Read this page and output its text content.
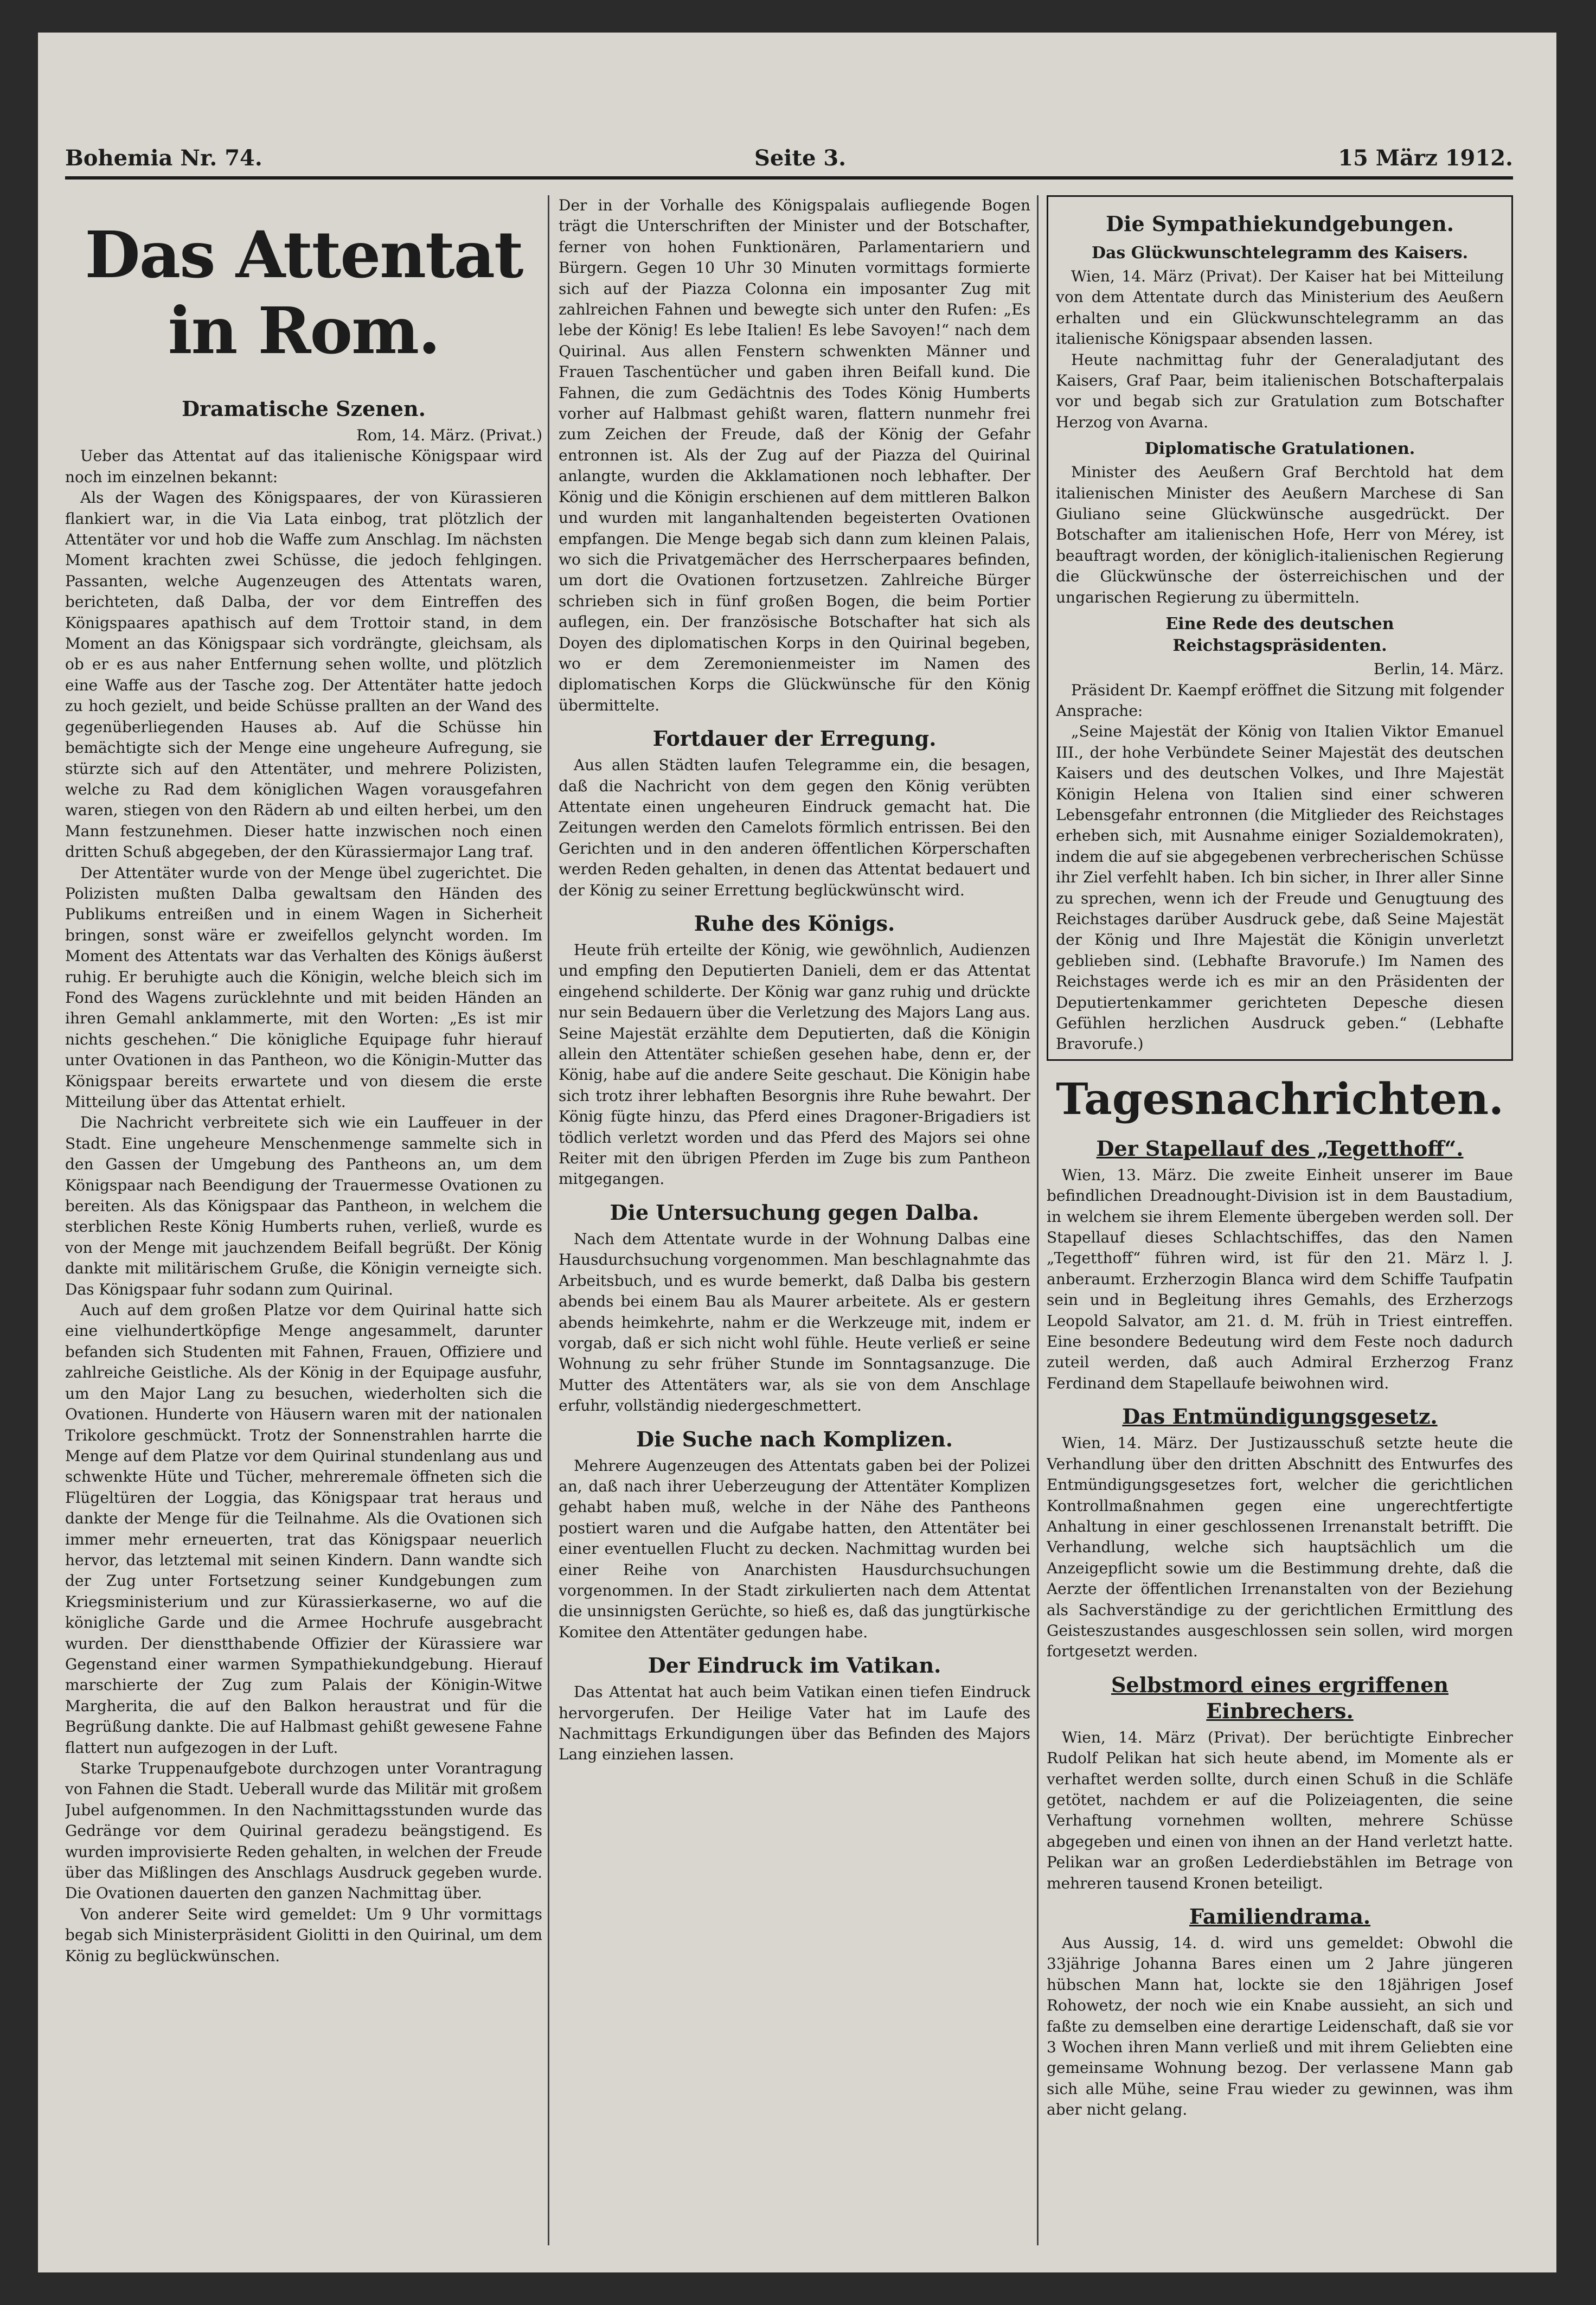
Bohemia Nr. 74.	Seite 3.	15 März 1912.
Das Attentat in Rom.
Dramatische Szenen.
Rom, 14. März. (Privat.)

Ueber das Attentat auf das italienische Königspaar wird noch im einzelnen bekannt:

Als der Wagen des Königspaares, der von Kürassieren flankiert war, in die Via Lata einbog, trat plötzlich der Attentäter vor und hob die Waffe zum Anschlag. Im nächsten Moment krachten zwei Schüsse, die jedoch fehlgingen. Passanten, welche Augenzeugen des Attentats waren, berichteten, daß Dalba, der vor dem Eintreffen des Königspaares apathisch auf dem Trottoir stand, in dem Moment an das Königspaar sich vordrängte, gleichsam, als ob er es aus naher Entfernung sehen wollte, und plötzlich eine Waffe aus der Tasche zog. Der Attentäter hatte jedoch zu hoch gezielt, und beide Schüsse prallten an der Wand des gegenüberliegenden Hauses ab. Auf die Schüsse hin bemächtigte sich der Menge eine ungeheure Aufregung, sie stürzte sich auf den Attentäter, und mehrere Polizisten, welche zu Rad dem königlichen Wagen vorausgefahren waren, stiegen von den Rädern ab und eilten herbei, um den Mann festzunehmen. Dieser hatte inzwischen noch einen dritten Schuß abgegeben, der den Kürassiermajor Lang traf.

Der Attentäter wurde von der Menge übel zugerichtet. Die Polizisten mußten Dalba gewaltsam den Händen des Publikums entreißen und in einem Wagen in Sicherheit bringen, sonst wäre er zweifellos gelyncht worden. Im Moment des Attentats war das Verhalten des Königs äußerst ruhig. Er beruhigte auch die Königin, welche bleich sich im Fond des Wagens zurücklehnte und mit beiden Händen an ihren Gemahl anklammerte, mit den Worten: „Es ist mir nichts geschehen.“ Die königliche Equipage fuhr hierauf unter Ovationen in das Pantheon, wo die Königin-Mutter das Königspaar bereits erwartete und von diesem die erste Mitteilung über das Attentat erhielt.

Die Nachricht verbreitete sich wie ein Lauffeuer in der Stadt. Eine ungeheure Menschenmenge sammelte sich in den Gassen der Umgebung des Pantheons an, um dem Königspaar nach Beendigung der Trauermesse Ovationen zu bereiten. Als das Königspaar das Pantheon, in welchem die sterblichen Reste König Humberts ruhen, verließ, wurde es von der Menge mit jauchzendem Beifall begrüßt. Der König dankte mit militärischem Gruße, die Königin verneigte sich. Das Königspaar fuhr sodann zum Quirinal.

Auch auf dem großen Platze vor dem Quirinal hatte sich eine vielhundertköpfige Menge angesammelt, darunter befanden sich Studenten mit Fahnen, Frauen, Offiziere und zahlreiche Geistliche. Als der König in der Equipage ausfuhr, um den Major Lang zu besuchen, wiederholten sich die Ovationen. Hunderte von Häusern waren mit der nationalen Trikolore geschmückt. Trotz der Sonnenstrahlen harrte die Menge auf dem Platze vor dem Quirinal stundenlang aus und schwenkte Hüte und Tücher, mehreremale öffneten sich die Flügeltüren der Loggia, das Königspaar trat heraus und dankte der Menge für die Teilnahme. Als die Ovationen sich immer mehr erneuerten, trat das Königspaar neuerlich hervor, das letztemal mit seinen Kindern. Dann wandte sich der Zug unter Fortsetzung seiner Kundgebungen zum Kriegsministerium und zur Kürassierkaserne, wo auf die königliche Garde und die Armee Hochrufe ausgebracht wurden. Der dienstthabende Offizier der Kürassiere war Gegenstand einer warmen Sympathiekundgebung. Hierauf marschierte der Zug zum Palais der Königin-Witwe Margherita, die auf den Balkon heraustrat und für die Begrüßung dankte. Die auf Halbmast gehißt gewesene Fahne flattert nun aufgezogen in der Luft.

Starke Truppenaufgebote durchzogen unter Vorantragung von Fahnen die Stadt. Ueberall wurde das Militär mit großem Jubel aufgenommen. In den Nachmittagsstunden wurde das Gedränge vor dem Quirinal geradezu beängstigend. Es wurden improvisierte Reden gehalten, in welchen der Freude über das Mißlingen des Anschlags Ausdruck gegeben wurde. Die Ovationen dauerten den ganzen Nachmittag über.

Von anderer Seite wird gemeldet: Um 9 Uhr vormittags begab sich Ministerpräsident Giolitti in den Quirinal, um dem König zu beglückwünschen.

Der in der Vorhalle des Königspalais aufliegende Bogen trägt die Unterschriften der Minister und der Botschafter, ferner von hohen Funktionären, Parlamentariern und Bürgern. Gegen 10 Uhr 30 Minuten vormittags formierte sich auf der Piazza Colonna ein imposanter Zug mit zahlreichen Fahnen und bewegte sich unter den Rufen: „Es lebe der König! Es lebe Italien! Es lebe Savoyen!“ nach dem Quirinal. Aus allen Fenstern schwenkten Männer und Frauen Taschentücher und gaben ihren Beifall kund. Die Fahnen, die zum Gedächtnis des Todes König Humberts vorher auf Halbmast gehißt waren, flattern nunmehr frei zum Zeichen der Freude, daß der König der Gefahr entronnen ist. Als der Zug auf der Piazza del Quirinal anlangte, wurden die Akklamationen noch lebhafter. Der König und die Königin erschienen auf dem mittleren Balkon und wurden mit langanhaltenden begeisterten Ovationen empfangen. Die Menge begab sich dann zum kleinen Palais, wo sich die Privatgemächer des Herrscherpaares befinden, um dort die Ovationen fortzusetzen. Zahlreiche Bürger schrieben sich in fünf großen Bogen, die beim Portier auflegen, ein. Der französische Botschafter hat sich als Doyen des diplomatischen Korps in den Quirinal begeben, wo er dem Zeremonienmeister im Namen des diplomatischen Korps die Glückwünsche für den König übermittelte.

Fortdauer der Erregung.

Aus allen Städten laufen Telegramme ein, die besagen, daß die Nachricht von dem gegen den König verübten Attentate einen ungeheuren Eindruck gemacht hat. Die Zeitungen werden den Camelots förmlich entrissen. Bei den Gerichten und in den anderen öffentlichen Körperschaften werden Reden gehalten, in denen das Attentat bedauert und der König zu seiner Errettung beglückwünscht wird.

Ruhe des Königs.

Heute früh erteilte der König, wie gewöhnlich, Audienzen und empfing den Deputierten Danieli, dem er das Attentat eingehend schilderte. Der König war ganz ruhig und drückte nur sein Bedauern über die Verletzung des Majors Lang aus. Seine Majestät erzählte dem Deputierten, daß die Königin allein den Attentäter schießen gesehen habe, denn er, der König, habe auf die andere Seite geschaut. Die Königin habe sich trotz ihrer lebhaften Besorgnis ihre Ruhe bewahrt. Der König fügte hinzu, das Pferd eines Dragoner-Brigadiers ist tödlich verletzt worden und das Pferd des Majors sei ohne Reiter mit den übrigen Pferden im Zuge bis zum Pantheon mitgegangen.

Die Untersuchung gegen Dalba.

Nach dem Attentate wurde in der Wohnung Dalbas eine Hausdurchsuchung vorgenommen. Man beschlagnahmte das Arbeitsbuch, und es wurde bemerkt, daß Dalba bis gestern abends bei einem Bau als Maurer arbeitete. Als er gestern abends heimkehrte, nahm er die Werkzeuge mit, indem er vorgab, daß er sich nicht wohl fühle. Heute verließ er seine Wohnung zu sehr früher Stunde im Sonntagsanzuge. Die Mutter des Attentäters war, als sie von dem Anschlage erfuhr, vollständig niedergeschmettert.

Die Suche nach Komplizen.

Mehrere Augenzeugen des Attentats gaben bei der Polizei an, daß nach ihrer Ueberzeugung der Attentäter Komplizen gehabt haben muß, welche in der Nähe des Pantheons postiert waren und die Aufgabe hatten, den Attentäter bei einer eventuellen Flucht zu decken. Nachmittag wurden bei einer Reihe von Anarchisten Hausdurchsuchungen vorgenommen. In der Stadt zirkulierten nach dem Attentat die unsinnigsten Gerüchte, so hieß es, daß das jungtürkische Komitee den Attentäter gedungen habe.

Der Eindruck im Vatikan.

Das Attentat hat auch beim Vatikan einen tiefen Eindruck hervorgerufen. Der Heilige Vater hat im Laufe des Nachmittags Erkundigungen über das Befinden des Majors Lang einziehen lassen.

Die Sympathiekundgebungen.
Das Glückwunschtelegramm des Kaisers.

Wien, 14. März (Privat). Der Kaiser hat bei Mitteilung von dem Attentate durch das Ministerium des Aeußern erhalten und ein Glückwunschtelegramm an das italienische Königspaar absenden lassen.

Heute nachmittag fuhr der Generaladjutant des Kaisers, Graf Paar, beim italienischen Botschafterpalais vor und begab sich zur Gratulation zum Botschafter Herzog von Avarna.

Diplomatische Gratulationen.

Minister des Aeußern Graf Berchtold hat dem italienischen Minister des Aeußern Marchese di San Giuliano seine Glückwünsche ausgedrückt. Der Botschafter am italienischen Hofe, Herr von Mérey, ist beauftragt worden, der königlich-italienischen Regierung die Glückwünsche der österreichischen und der ungarischen Regierung zu übermitteln.

Eine Rede des deutschen Reichstagspräsidenten.
Berlin, 14. März.

Präsident Dr. Kaempf eröffnet die Sitzung mit folgender Ansprache:

„Seine Majestät der König von Italien Viktor Emanuel III., der hohe Verbündete Seiner Majestät des deutschen Kaisers und des deutschen Volkes, und Ihre Majestät Königin Helena von Italien sind einer schweren Lebensgefahr entronnen (die Mitglieder des Reichstages erheben sich, mit Ausnahme einiger Sozialdemokraten), indem die auf sie abgegebenen verbrecherischen Schüsse ihr Ziel verfehlt haben. Ich bin sicher, in Ihrer aller Sinne zu sprechen, wenn ich der Freude und Genugtuung des Reichstages darüber Ausdruck gebe, daß Seine Majestät der König und Ihre Majestät die Königin unverletzt geblieben sind. (Lebhafte Bravorufe.) Im Namen des Reichstages werde ich es mir an den Präsidenten der Deputiertenkammer gerichteten Depesche diesen Gefühlen herzlichen Ausdruck geben.“ (Lebhafte Bravorufe.)

Tagesnachrichten.
Der Stapellauf des „Tegetthoff“.

Wien, 13. März. Die zweite Einheit unserer im Baue befindlichen Dreadnought-Division ist in dem Baustadium, in welchem sie ihrem Elemente übergeben werden soll. Der Stapellauf dieses Schlachtschiffes, das den Namen „Tegetthoff“ führen wird, ist für den 21. März l. J. anberaumt. Erzherzogin Blanca wird dem Schiffe Taufpatin sein und in Begleitung ihres Gemahls, des Erzherzogs Leopold Salvator, am 21. d. M. früh in Triest eintreffen. Eine besondere Bedeutung wird dem Feste noch dadurch zuteil werden, daß auch Admiral Erzherzog Franz Ferdinand dem Stapellaufe beiwohnen wird.

Das Entmündigungsgesetz.

Wien, 14. März. Der Justizausschuß setzte heute die Verhandlung über den dritten Abschnitt des Entwurfes des Entmündigungsgesetzes fort, welcher die gerichtlichen Kontrollmaßnahmen gegen eine ungerechtfertigte Anhaltung in einer geschlossenen Irrenanstalt betrifft. Die Verhandlung, welche sich hauptsächlich um die Anzeigepflicht sowie um die Bestimmung drehte, daß die Aerzte der öffentlichen Irrenanstalten von der Beziehung als Sachverständige zu der gerichtlichen Ermittlung des Geisteszustandes ausgeschlossen sein sollen, wird morgen fortgesetzt werden.

Selbstmord eines ergriffenen Einbrechers.

Wien, 14. März (Privat). Der berüchtigte Einbrecher Rudolf Pelikan hat sich heute abend, im Momente als er verhaftet werden sollte, durch einen Schuß in die Schläfe getötet, nachdem er auf die Polizeiagenten, die seine Verhaftung vornehmen wollten, mehrere Schüsse abgegeben und einen von ihnen an der Hand verletzt hatte. Pelikan war an großen Lederdiebstählen im Betrage von mehreren tausend Kronen beteiligt.

Familiendrama.

Aus Aussig, 14. d. wird uns gemeldet: Obwohl die 33jährige Johanna Bares einen um 2 Jahre jüngeren hübschen Mann hat, lockte sie den 18jährigen Josef Rohowetz, der noch wie ein Knabe aussieht, an sich und faßte zu demselben eine derartige Leidenschaft, daß sie vor 3 Wochen ihren Mann verließ und mit ihrem Geliebten eine gemeinsame Wohnung bezog. Der verlassene Mann gab sich alle Mühe, seine Frau wieder zu gewinnen, was ihm aber nicht gelang.
